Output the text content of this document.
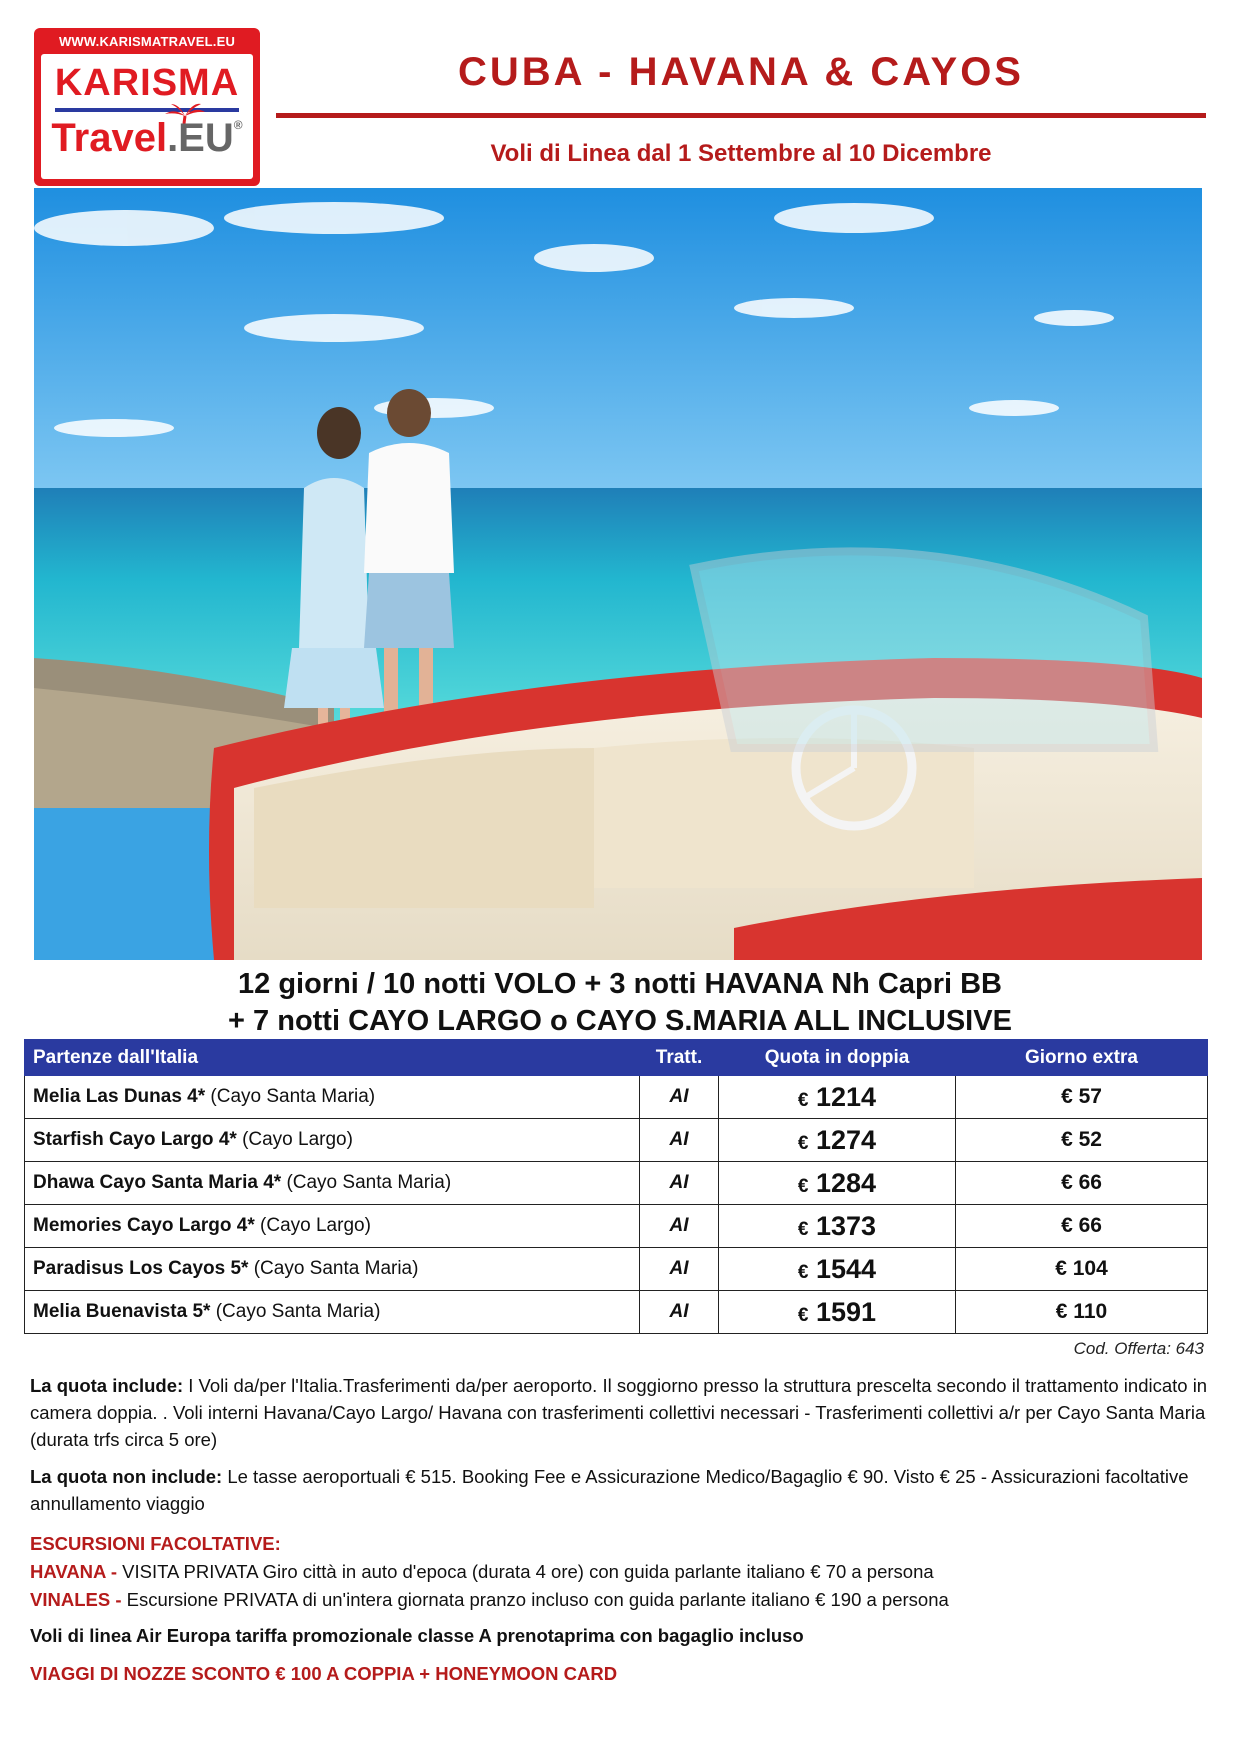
WWW.KARISMATRAVEL.EU
KARISMA
Travel.EU®
CUBA - HAVANA & CAYOS
Voli di Linea dal 1 Settembre al 10 Dicembre
12 giorni / 10 notti VOLO + 3 notti HAVANA Nh Capri BB
+ 7 notti CAYO LARGO o CAYO S.MARIA ALL INCLUSIVE
Partenze dall'Italia	Tratt.	Quota in doppia	Giorno extra
Melia Las Dunas 4* (Cayo Santa Maria)	AI	€ 1214	€ 57
Starfish Cayo Largo 4* (Cayo Largo)	AI	€ 1274	€ 52
Dhawa Cayo Santa Maria 4* (Cayo Santa Maria)	AI	€ 1284	€ 66
Memories Cayo Largo 4* (Cayo Largo)	AI	€ 1373	€ 66
Paradisus Los Cayos 5* (Cayo Santa Maria)	AI	€ 1544	€ 104
Melia Buenavista 5* (Cayo Santa Maria)	AI	€ 1591	€ 110
Cod. Offerta: 643
La quota include: I Voli da/per l'Italia.Trasferimenti da/per aeroporto. Il soggiorno presso la struttura prescelta secondo il trattamento indicato in camera doppia. . Voli interni Havana/Cayo Largo/ Havana con trasferimenti collettivi necessari - Trasferimenti collettivi a/r per Cayo Santa Maria (durata trfs circa 5 ore)
La quota non include: Le tasse aeroportuali € 515. Booking Fee e Assicurazione Medico/Bagaglio € 90. Visto € 25 - Assicurazioni facoltative annullamento viaggio
ESCURSIONI FACOLTATIVE:
HAVANA - VISITA PRIVATA Giro città in auto d'epoca (durata 4 ore) con guida parlante italiano € 70 a persona
VINALES - Escursione PRIVATA di un'intera giornata pranzo incluso con guida parlante italiano € 190 a persona
Voli di linea Air Europa tariffa promozionale classe A prenotaprima con bagaglio incluso
VIAGGI DI NOZZE SCONTO € 100 A COPPIA + HONEYMOON CARD
